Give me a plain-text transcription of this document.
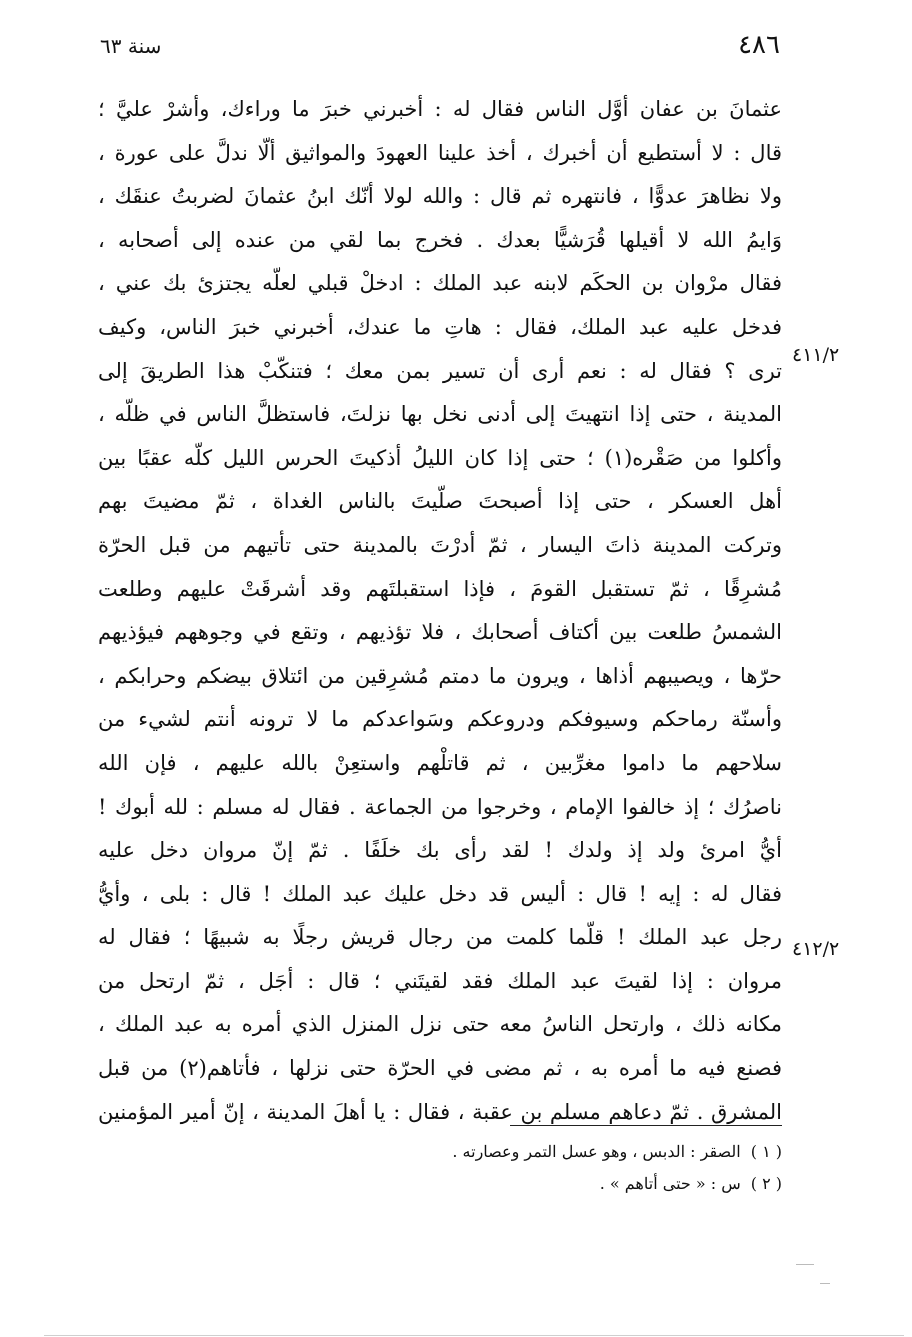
٤٨٦
سنة ٦٣
٤١١/٢
٤١٢/٢
عثمانَ بن عفان أوَّل الناس فقال له : أخبرني خبرَ ما وراءك، وأشرْ عليَّ ؛
قال : لا أستطيع أن أخبرك ، أخذ علينا العهودَ والمواثيق ألّا ندلَّ على عورة ،
ولا نظاهرَ عدوًّا ، فانتهره ثم قال : والله لولا أنّك ابنُ عثمانَ لضربتُ عنقَك ،
وَايمُ الله لا أقيلها قُرَشيًّا بعدك . فخرج بما لقي من عنده إلى أصحابه ،
فقال مرْوان بن الحكَم لابنه عبد الملك : ادخلْ قبلي لعلّه يجتزئ بك عني ،
فدخل عليه عبد الملك، فقال : هاتِ ما عندك، أخبرني خبرَ الناس، وكيف
ترى ؟ فقال له : نعم أرى أن تسير بمن معك ؛ فتنكّبْ هذا الطريقَ إلى
المدينة ، حتى إذا انتهيتَ إلى أدنى نخل بها نزلتَ، فاستظلَّ الناس في ظلّه ،
وأكلوا من صَقْره(١) ؛ حتى إذا كان الليلُ أذكيتَ الحرس الليل كلّه عقبًا بين
أهل العسكر ، حتى إذا أصبحتَ صلّيتَ بالناس الغداة ، ثمّ مضيتَ بهم
وتركت المدينة ذاتَ اليسار ، ثمّ أدرْتَ بالمدينة حتى تأتيهم من قبل الحرّة
مُشرِقًا ، ثمّ تستقبل القومَ ، فإذا استقبلتَهم وقد أشرقَتْ عليهم وطلعت
الشمسُ طلعت بين أكتاف أصحابك ، فلا تؤذيهم ، وتقع في وجوههم فيؤذيهم
حرّها ، ويصيبهم أذاها ، ويرون ما دمتم مُشرِقين من ائتلاق بيضكم وحرابكم ،
وأسنّة رماحكم وسيوفكم ودروعكم وسَواعدكم ما لا ترونه أنتم لشيء من
سلاحهم ما داموا مغرِّبين ، ثم قاتلْهم واستعِنْ بالله عليهم ، فإن الله
ناصرُك ؛ إذ خالفوا الإمام ، وخرجوا من الجماعة . فقال له مسلم : لله أبوك !
أيُّ امرئ ولد إذ ولدك ! لقد رأى بك خلَفًا . ثمّ إنّ مروان دخل عليه
فقال له : إيه ! قال : أليس قد دخل عليك عبد الملك ! قال : بلى ، وأيُّ
رجل عبد الملك ! قلّما كلمت من رجال قريش رجلًا به شبيهًا ؛ فقال له
مروان : إذا لقيتَ عبد الملك فقد لقيتَني ؛ قال : أجَل ، ثمّ ارتحل من
مكانه ذلك ، وارتحل الناسُ معه حتى نزل المنزل الذي أمره به عبد الملك ،
فصنع فيه ما أمره به ، ثم مضى في الحرّة حتى نزلها ، فأتاهم(٢) من قبل
المشرق . ثمّ دعاهم مسلم بن عقبة ، فقال : يا أهلَ المدينة ، إنّ أمير المؤمنين
( ١ )الصقر : الدبس ، وهو عسل التمر وعصارته .
( ٢ )س : « حتى أتاهم » .
